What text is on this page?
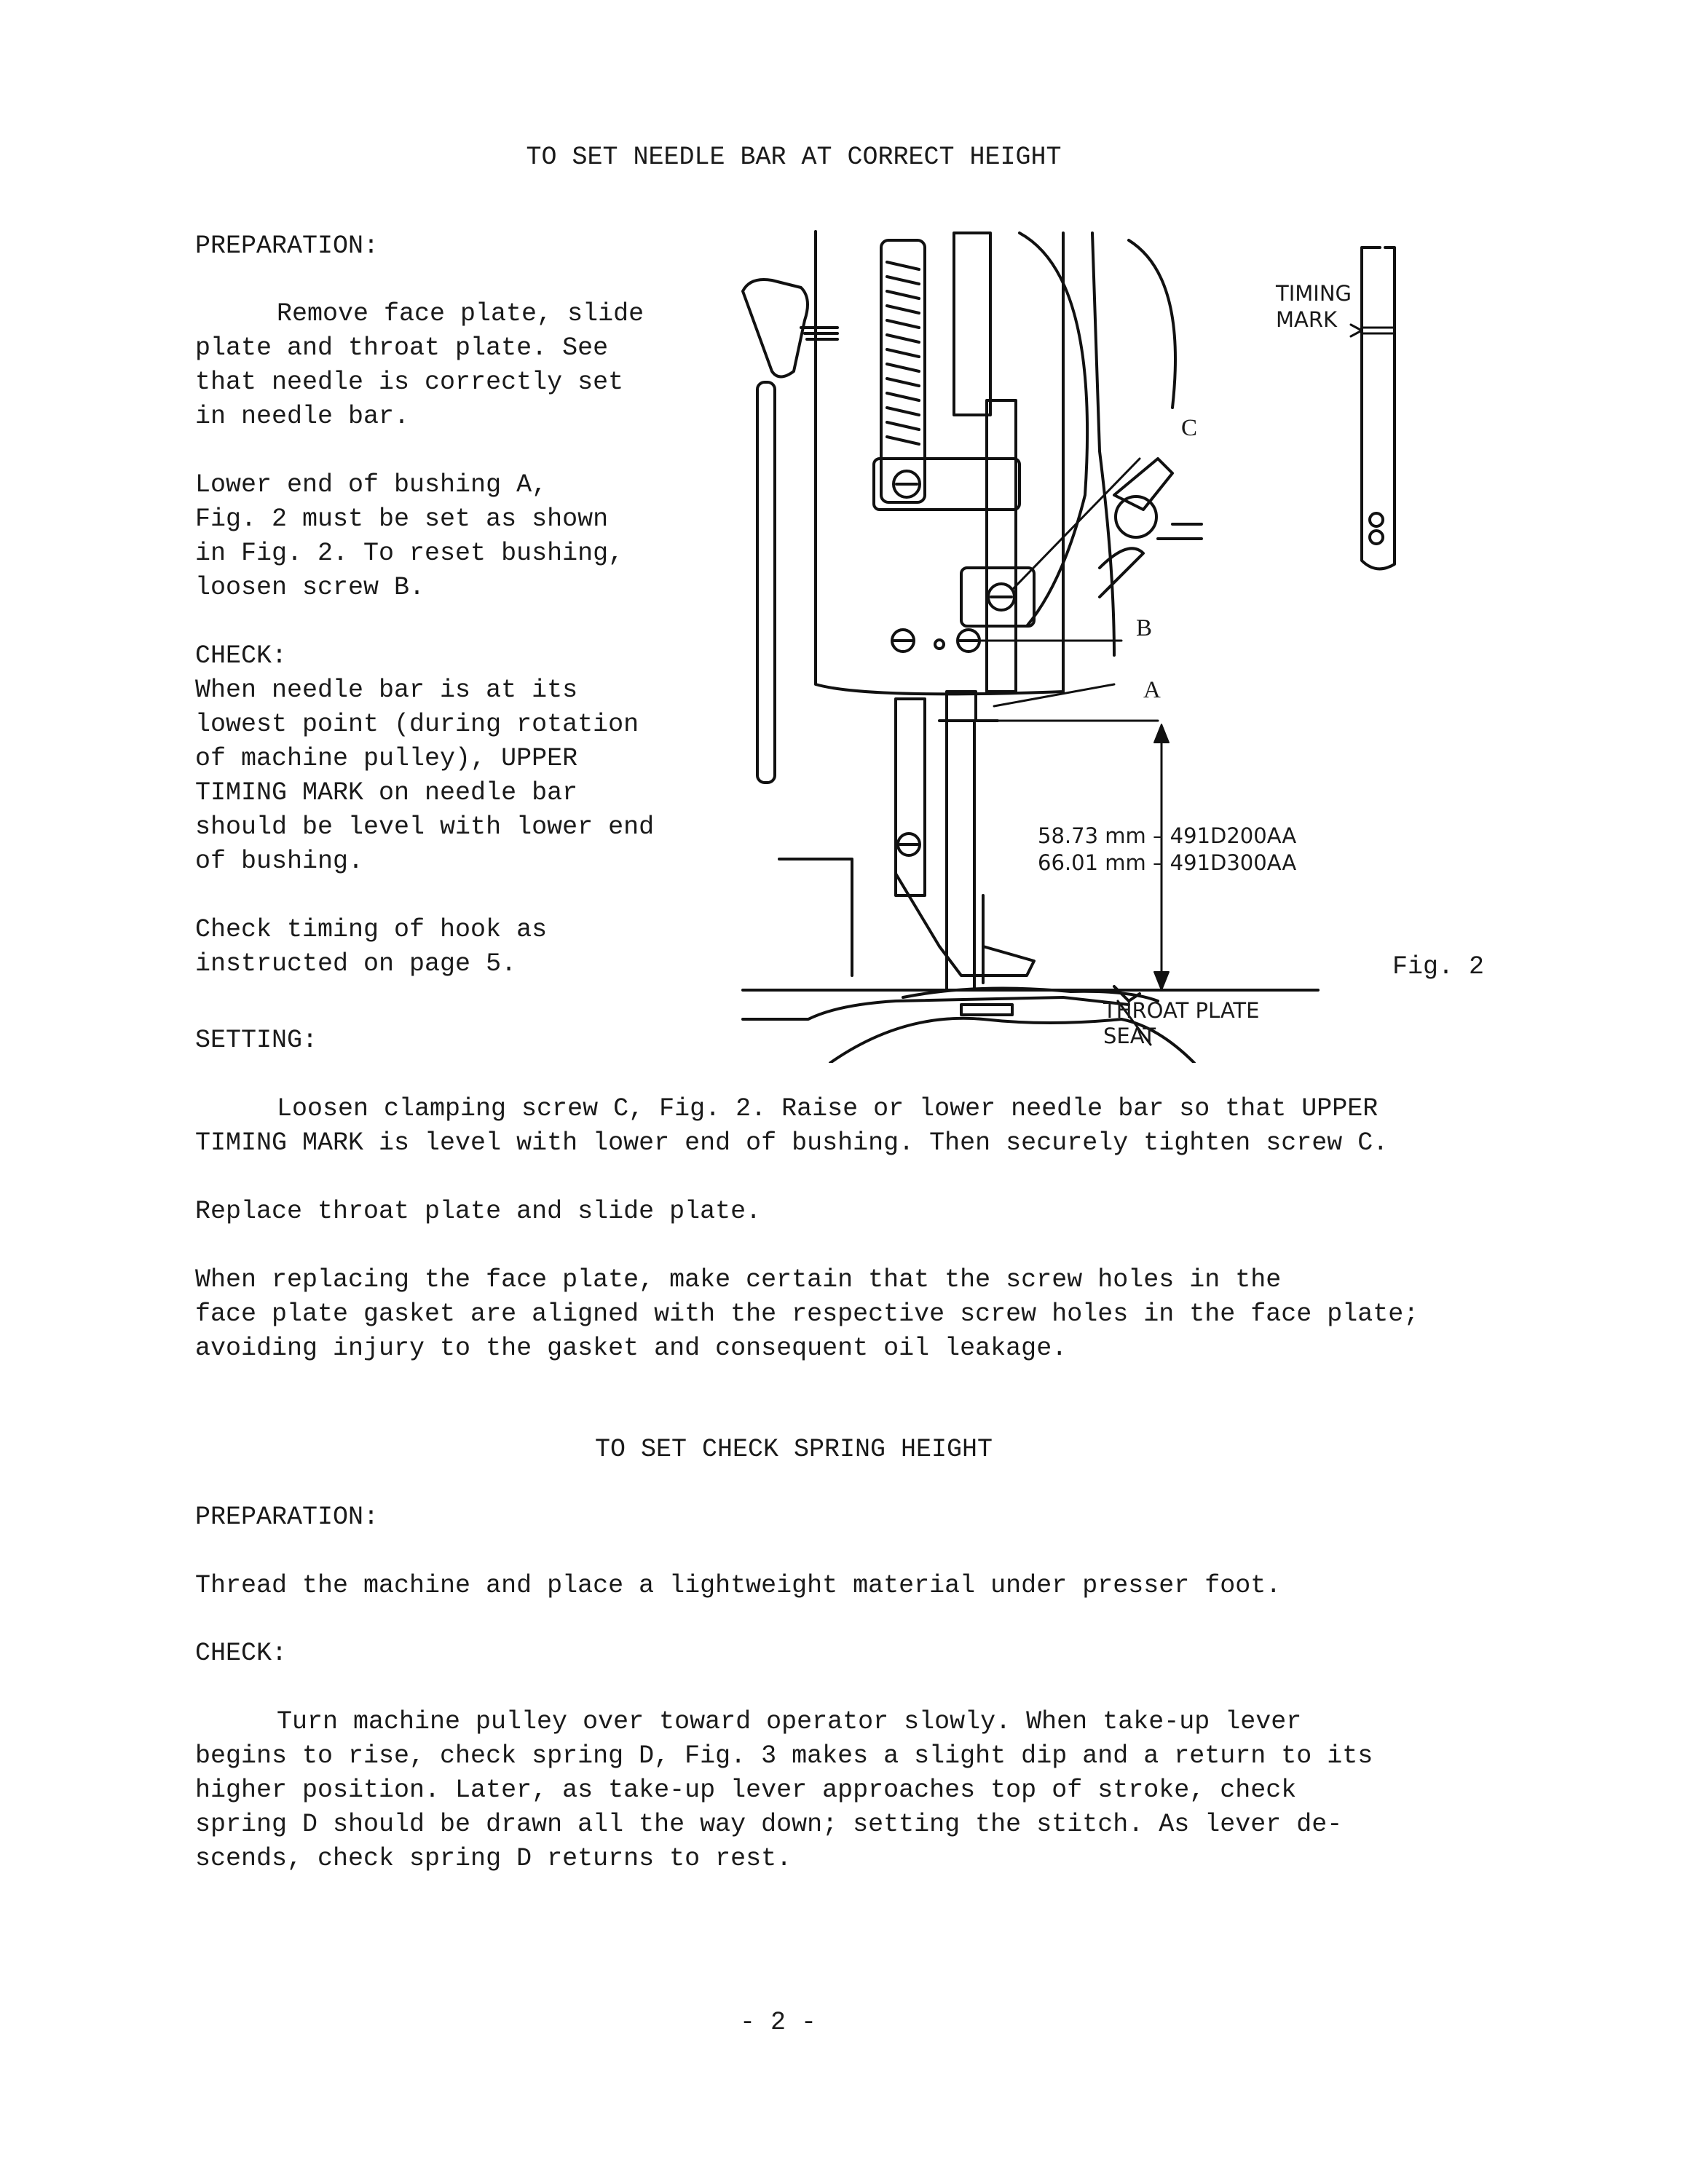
TO SET NEEDLE BAR AT CORRECT HEIGHT
PREPARATION:
Remove face plate, slide
plate and throat plate. See
that needle is correctly set
in needle bar.
Lower end of bushing A,
Fig. 2 must be set as shown
in Fig. 2. To reset bushing,
loosen screw B.
CHECK:
When needle bar is at its
lowest point (during rotation
of machine pulley), UPPER
TIMING MARK on needle bar
should be level with lower end
of bushing.
Check timing of hook as
instructed on page 5.
SETTING:
Loosen clamping screw C, Fig. 2. Raise or lower needle bar so that UPPER
TIMING MARK is level with lower end of bushing. Then securely tighten screw C.
Replace throat plate and slide plate.
When replacing the face plate, make certain that the screw holes in the
face plate gasket are aligned with the respective screw holes in the face plate;
avoiding injury to the gasket and consequent oil leakage.
TIMING
MARK
C
B
A
58.73 mm – 491D200AA
66.01 mm – 491D300AA
THROAT PLATE
SEAT
Fig. 2
TO SET CHECK SPRING HEIGHT
PREPARATION:
Thread the machine and place a lightweight material under presser foot.
CHECK:
Turn machine pulley over toward operator slowly. When take-up lever
begins to rise, check spring D, Fig. 3 makes a slight dip and a return to its
higher position. Later, as take-up lever approaches top of stroke, check
spring D should be drawn all the way down; setting the stitch. As lever de-
scends, check spring D returns to rest.
- 2 -
